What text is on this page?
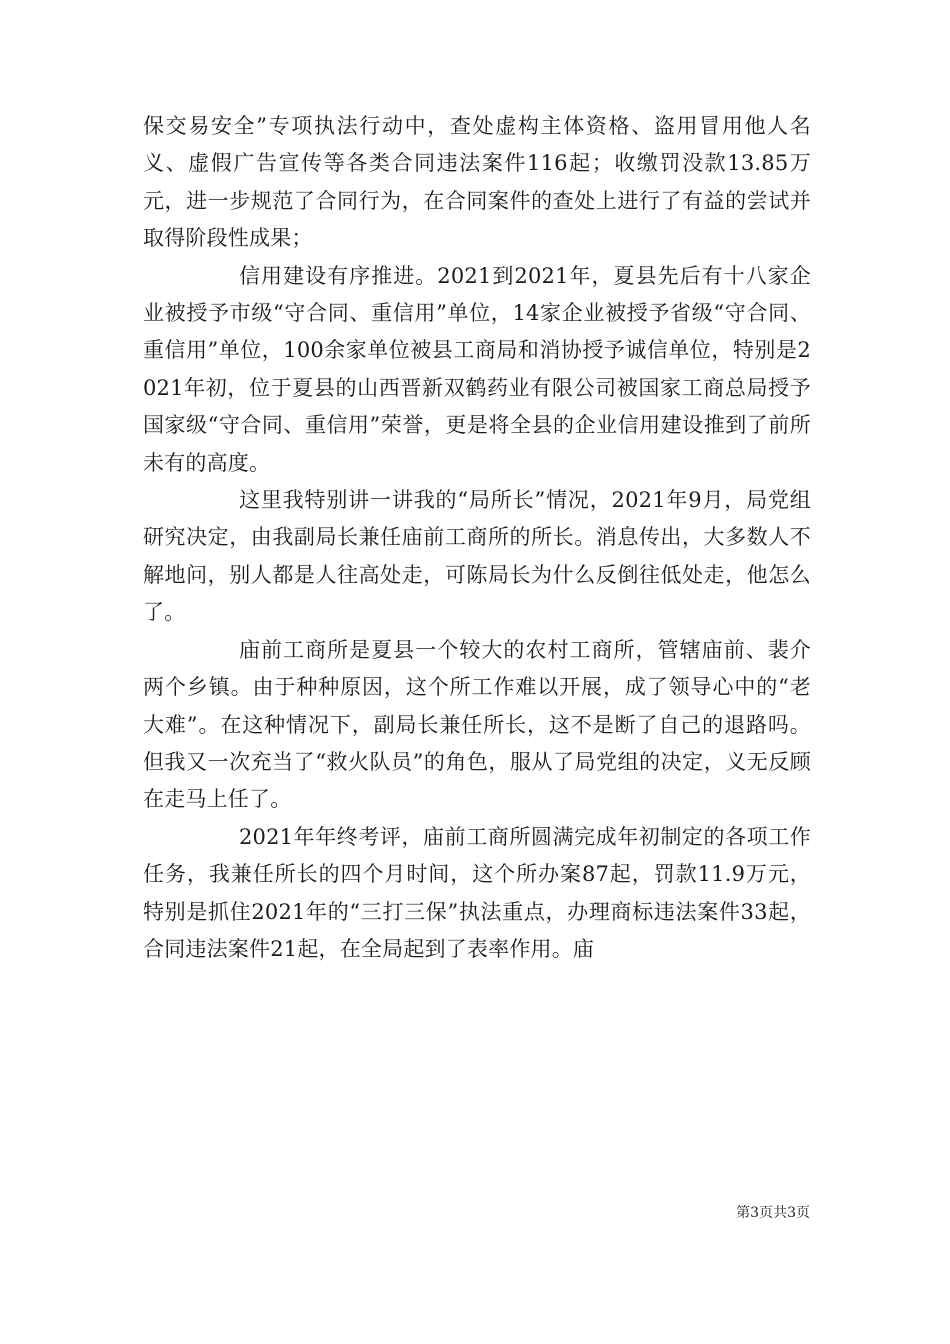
保交易安全”专项执法行动中，查处虚构主体资格、盗用冒用他人名义、虚假广告宣传等各类合同违法案件116起；收缴罚没款13.85万元，进一步规范了合同行为，在合同案件的查处上进行了有益的尝试并取得阶段性成果；

信用建设有序推进。2021到2021年，夏县先后有十八家企业被授予市级“守合同、重信用”单位，14家企业被授予省级“守合同、重信用”单位，100余家单位被县工商局和消协授予诚信单位，特别是2021年初，位于夏县的山西晋新双鹤药业有限公司被国家工商总局授予国家级“守合同、重信用”荣誉，更是将全县的企业信用建设推到了前所未有的高度。

这里我特别讲一讲我的“局所长”情况，2021年9月，局党组研究决定，由我副局长兼任庙前工商所的所长。消息传出，大多数人不解地问，别人都是人往高处走，可陈局长为什么反倒往低处走，他怎么了。

庙前工商所是夏县一个较大的农村工商所，管辖庙前、裴介两个乡镇。由于种种原因，这个所工作难以开展，成了领导心中的“老大难”。在这种情况下，副局长兼任所长，这不是断了自己的退路吗。但我又一次充当了“救火队员”的角色，服从了局党组的决定，义无反顾在走马上任了。

2021年年终考评，庙前工商所圆满完成年初制定的各项工作任务，我兼任所长的四个月时间，这个所办案87起，罚款11.9万元，特别是抓住2021年的“三打三保”执法重点，办理商标违法案件33起，合同违法案件21起，在全局起到了表率作用。庙

第3页共3页
